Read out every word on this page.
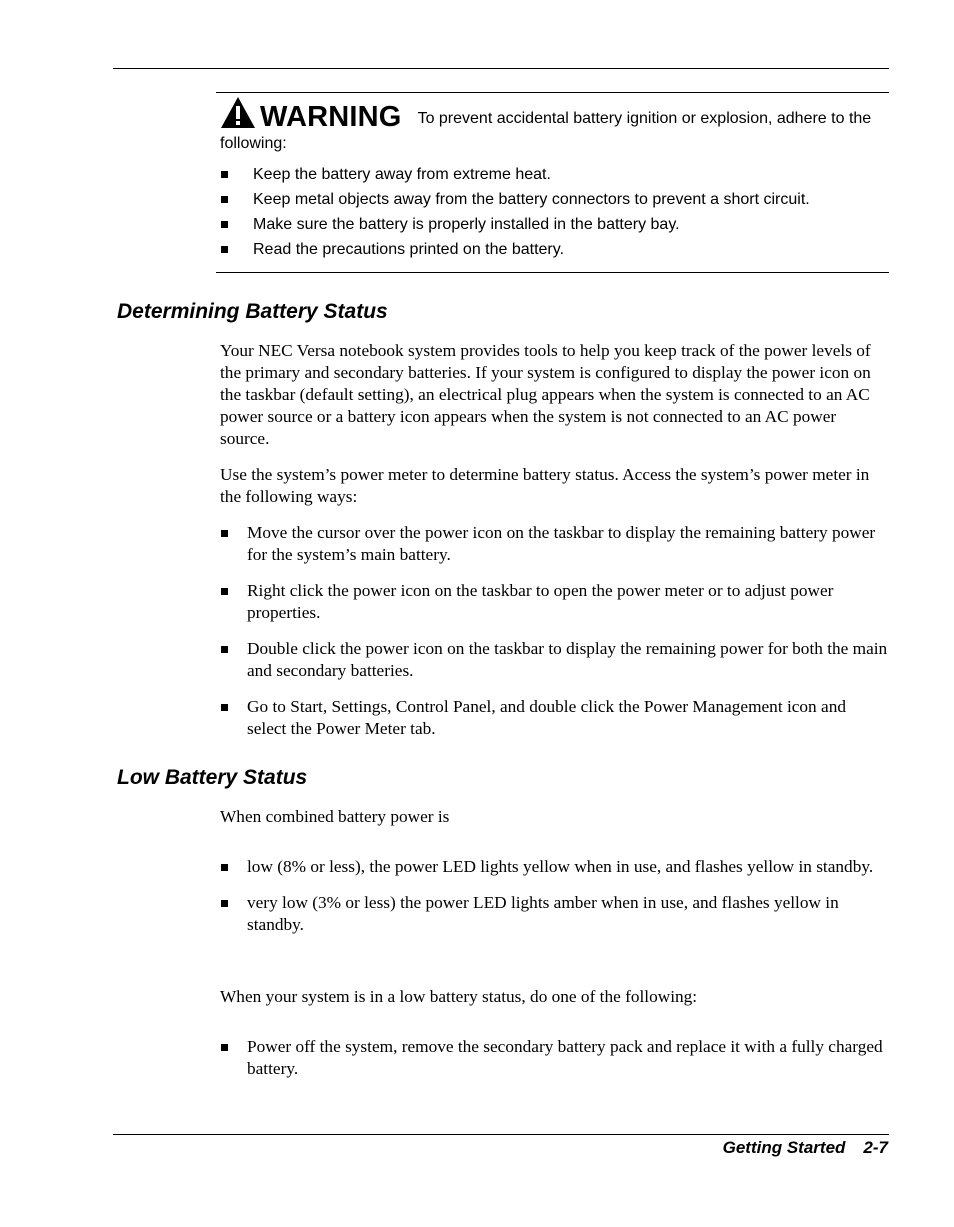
WARNING To prevent accidental battery ignition or explosion, adhere to the following:
Keep the battery away from extreme heat.
Keep metal objects away from the battery connectors to prevent a short circuit.
Make sure the battery is properly installed in the battery bay.
Read the precautions printed on the battery.
Determining Battery Status

Your NEC Versa notebook system provides tools to help you keep track of the power levels of the primary and secondary batteries. If your system is configured to display the power icon on the taskbar (default setting), an electrical plug appears when the system is connected to an AC power source or a battery icon appears when the system is not connected to an AC power source.

Use the system’s power meter to determine battery status. Access the system’s power meter in the following ways:

Move the cursor over the power icon on the taskbar to display the remaining battery power for the system’s main battery.
Right click the power icon on the taskbar to open the power meter or to adjust power properties.
Double click the power icon on the taskbar to display the remaining power for both the main and secondary batteries.
Go to Start, Settings, Control Panel, and double click the Power Management icon and select the Power Meter tab.
Low Battery Status
When combined battery power is
low (8% or less), the power LED lights yellow when in use, and flashes yellow in standby.
very low (3% or less) the power LED lights amber when in use, and flashes yellow in standby.
When your system is in a low battery status, do one of the following:
Power off the system, remove the secondary battery pack and replace it with a fully charged battery.
Getting Started 2-7
